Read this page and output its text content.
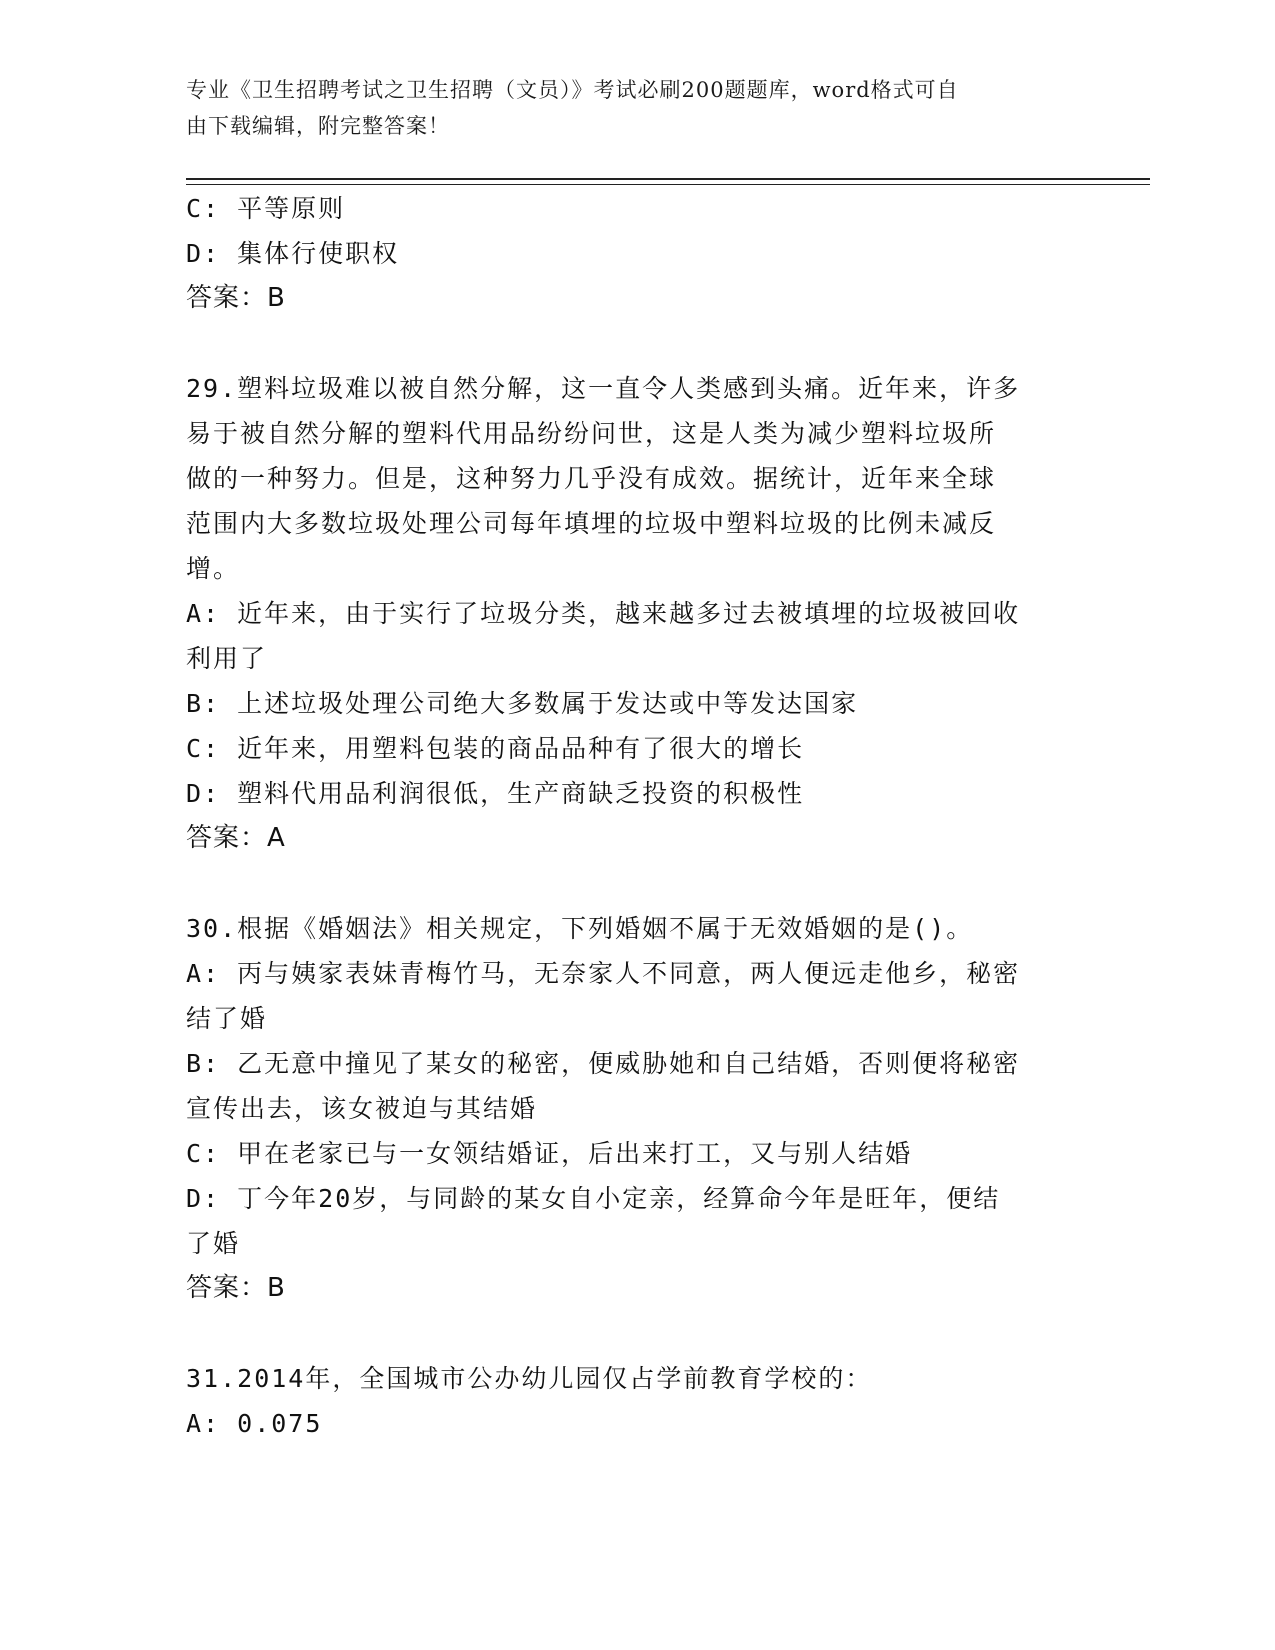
专业《卫生招聘考试之卫生招聘（文员）》考试必刷200题题库，word格式可自
由下载编辑，附完整答案！

C: 平等原则

D: 集体行使职权

答案：B

29.塑料垃圾难以被自然分解，这一直令人类感到头痛。近年来，许多

易于被自然分解的塑料代用品纷纷问世，这是人类为减少塑料垃圾所

做的一种努力。但是，这种努力几乎没有成效。据统计，近年来全球

范围内大多数垃圾处理公司每年填埋的垃圾中塑料垃圾的比例未减反

增。

A: 近年来，由于实行了垃圾分类，越来越多过去被填埋的垃圾被回收

利用了

B: 上述垃圾处理公司绝大多数属于发达或中等发达国家

C: 近年来，用塑料包装的商品品种有了很大的增长

D: 塑料代用品利润很低，生产商缺乏投资的积极性

答案：A

30.根据《婚姻法》相关规定，下列婚姻不属于无效婚姻的是()。

A: 丙与姨家表妹青梅竹马，无奈家人不同意，两人便远走他乡，秘密

结了婚

B: 乙无意中撞见了某女的秘密，便威胁她和自己结婚，否则便将秘密

宣传出去，该女被迫与其结婚

C: 甲在老家已与一女领结婚证，后出来打工，又与别人结婚

D: 丁今年20岁，与同龄的某女自小定亲，经算命今年是旺年，便结

了婚

答案：B

31.2014年，全国城市公办幼儿园仅占学前教育学校的：

A: 0.075
